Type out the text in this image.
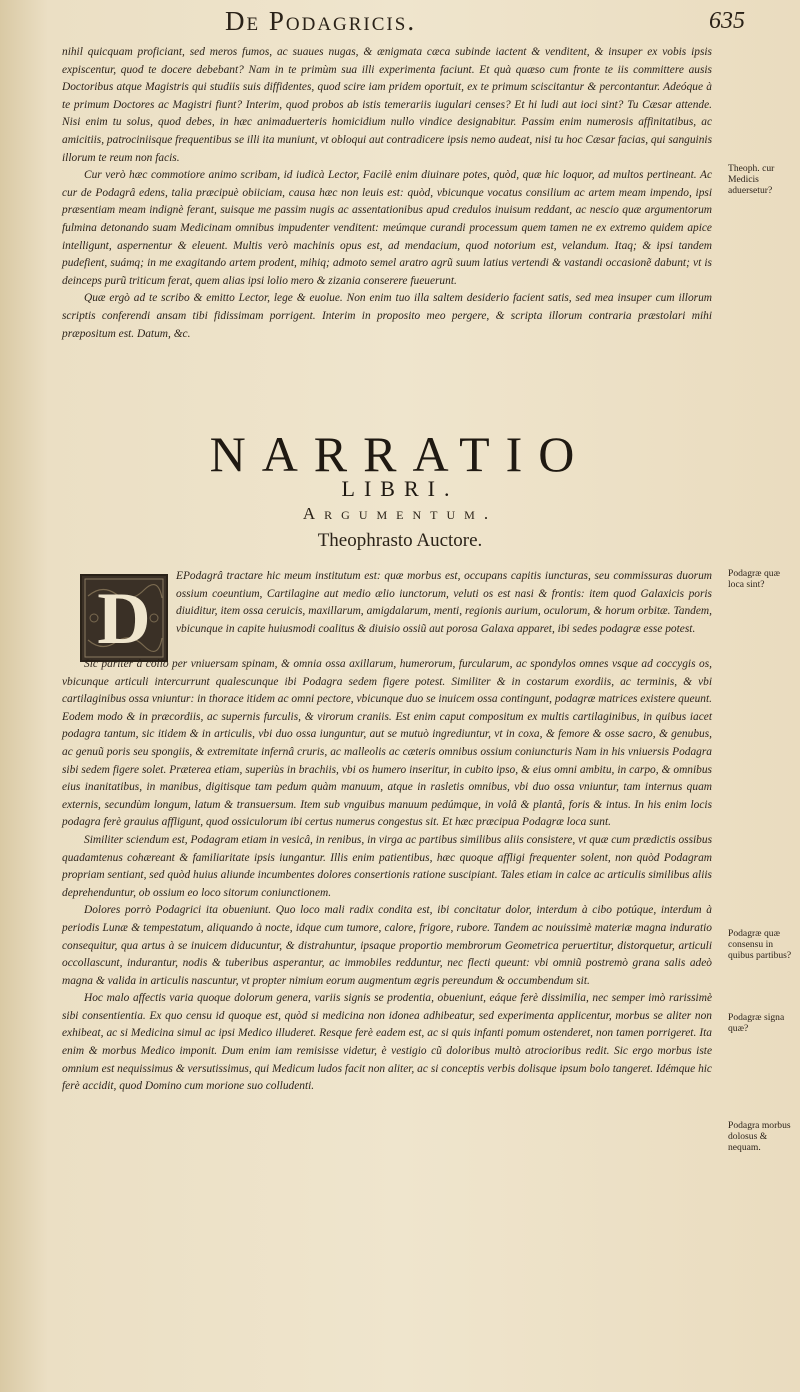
De Podagricis.	635

nihil quicquam proficiant, sed meros fumos, ac suaues nugas, & ænigmata cæca subinde iactent & venditent, & insuper ex vobis ipsis expiscentur, quod te docere debebant? Nam in te primùm sua illi experimenta faciunt. Et quà quæso cum fronte te iis committere ausis Doctoribus atque Magistris qui studiis suis diffidentes, quod scire iam pridem oportuit, ex te primum sciscitantur & percontantur. Adeóque à te primum Doctores ac Magistri fiunt? Interim, quod probos ab istis temerariis iugulari censes? Et hi ludi aut ioci sint? Tu Cæsar attende. Nisi enim tu solus, quod debes, in hæc animaduerteris homicidium nullo vindice designabitur. Passim enim numerosis affinitatibus, ac amicitiis, patrociniisque frequentibus se illi ita muniunt, vt obloqui aut contradicere ipsis nemo audeat, nisi tu hoc Cæsar facias, qui sanguinis illorum te reum non facis.

Cur verò hæc commotiore animo scribam, id iudicà Lector, Facilè enim diuinare potes, quòd, quæ hic loquor, ad multos pertineant. Ac cur de Podagrâ edens, talia præcipuè obiiciam, causa hæc non leuis est: quòd, vbicunque vocatus consilium ac artem meam impendo, ipsi præsentiam meam indignè ferant, suisque me passim nugis ac assentationibus apud credulos inuisum reddant, ac nescio quæ argumentorum fulmina detonando suam Medicinam omnibus impudenter venditent: meúmque curandi processum quem tamen ne ex extremo quidem apice intelligunt, aspernentur & eleuent. Multis verò machinis opus est, ad mendacium, quod notorium est, velandum. Itaq; & ipsi tandem pudefient, suámq; in me exagitando artem prodent, mihiq; admoto semel aratro agrũ suum latius vertendi & vastandi occasionẽ dabunt; vt is deinceps purũ triticum ferat, quem alias ipsi lolio mero & zizania conserere fueuerunt.

Quæ ergò ad te scribo & emitto Lector, lege & euolue. Non enim tuo illa saltem desiderio facient satis, sed mea insuper cum illorum scriptis conferendi ansam tibi fidissimam porrigent. Interim in proposito meo pergere, & scripta illorum contraria præstolari mihi præpositum est. Datum, &c.

Theoph. cur Medicis aduersetur?
NARRATIO
LIBRI.
Argumentum.
Theophrasto Auctore.
D

EPodagrâ tractare hic meum institutum est: quæ morbus est, occupans capitis iuncturas, seu commissuras duorum ossium coeuntium, Cartilagine aut medio ælio iunctorum, veluti os est nasi & frontis: item quod Galaxicis poris diuiditur, item ossa ceruicis, maxillarum, amigdalarum, menti, regionis aurium, oculorum, & horum orbitæ. Tandem, vbicunque in capite huiusmodi coalitus & diuisio ossiũ aut porosa Galaxa apparet, ibi sedes podagræ esse potest.

Podagræ quæ loca sint?

Sic pariter à collo per vniuersam spinam, & omnia ossa axillarum, humerorum, furcularum, ac spondylos omnes vsque ad coccygis os, vbicunque articuli intercurrunt qualescunque ibi Podagra sedem figere potest. Similiter & in costarum exordiis, ac terminis, & vbi cartilaginibus ossa vniuntur: in thorace itidem ac omni pectore, vbicunque duo se inuicem ossa contingunt, podagræ matrices existere queunt. Eodem modo & in præcordiis, ac supernis furculis, & virorum craniis. Est enim caput compositum ex multis cartilaginibus, in quibus iacet podagra tantum, sic itidem & in articulis, vbi duo ossa iunguntur, aut se mutuò ingrediuntur, vt in coxa, & femore & osse sacro, & genubus, ac genuũ poris seu spongiis, & extremitate infernâ cruris, ac malleolis ac cæteris omnibus ossium coniuncturis Nam in his vniuersis Podagra sibi sedem figere solet. Præterea etiam, superiùs in brachiis, vbi os humero inseritur, in cubito ipso, & eius omni ambitu, in carpo, & omnibus eius inanitatibus, in manibus, digitisque tam pedum quàm manuum, atque in rasletis omnibus, vbi duo ossa vniuntur, tam internus quam externis, secundùm longum, latum & transuersum. Item sub vnguibus manuum pedúmque, in volâ & plantâ, foris & intus. In his enim locis podagra ferè grauius affligunt, quod ossiculorum ibi certus numerus congestus sit. Et hæc præcipua Podagræ loca sunt.

Similiter sciendum est, Podagram etiam in vesicâ, in renibus, in virga ac partibus similibus aliis consistere, vt quæ cum prædictis ossibus quadamtenus cohæreant & familiaritate ipsis iungantur. Illis enim patientibus, hæc quoque affligi frequenter solent, non quòd Podagram propriam sentiant, sed quòd huius aliunde incumbentes dolores consertionis ratione suscipiant. Tales etiam in calce ac articulis similibus aliis deprehenduntur, ob ossium eo loco sitorum coniunctionem.

Dolores porrò Podagrici ita obueniunt. Quo loco mali radix condita est, ibi concitatur dolor, interdum à cibo potúque, interdum à periodis Lunæ & tempestatum, aliquando à nocte, idque cum tumore, calore, frigore, rubore. Tandem ac nouissimè materiæ magna induratio consequitur, qua artus à se inuicem diducuntur, & distrahuntur, ipsaque proportio membrorum Geometrica peruertitur, distorquetur, articuli occollascunt, indurantur, nodis & tuberibus asperantur, ac immobiles redduntur, nec flecti queunt: vbi omniũ postremò grana salis adeò magna & valida in articulis nascuntur, vt propter nimium eorum augmentum ægris pereundum & occumbendum sit.

Hoc malo affectis varia quoque dolorum genera, variis signis se prodentia, obueniunt, eáque ferè dissimilia, nec semper imò rarissimè sibi consentientia. Ex quo censu id quoque est, quòd si medicina non idonea adhibeatur, sed experimenta applicentur, morbus se aliter non exhibeat, ac si Medicina simul ac ipsi Medico illuderet. Resque ferè eadem est, ac si quis infanti pomum ostenderet, non tamen porrigeret. Ita enim & morbus Medico imponit. Dum enim iam remisisse videtur, è vestigio cũ doloribus multò atrocioribus redit. Sic ergo morbus iste omnium est nequissimus & versutissimus, qui Medicum ludos facit non aliter, ac si conceptis verbis dolisque ipsum bolo tangeret. Idémque hic ferè accidit, quod Domino cum morione suo colludenti.

Podagræ quæ consensu in quibus partibus?
Podagræ signa quæ?
Podagra morbus dolosus & nequam.
